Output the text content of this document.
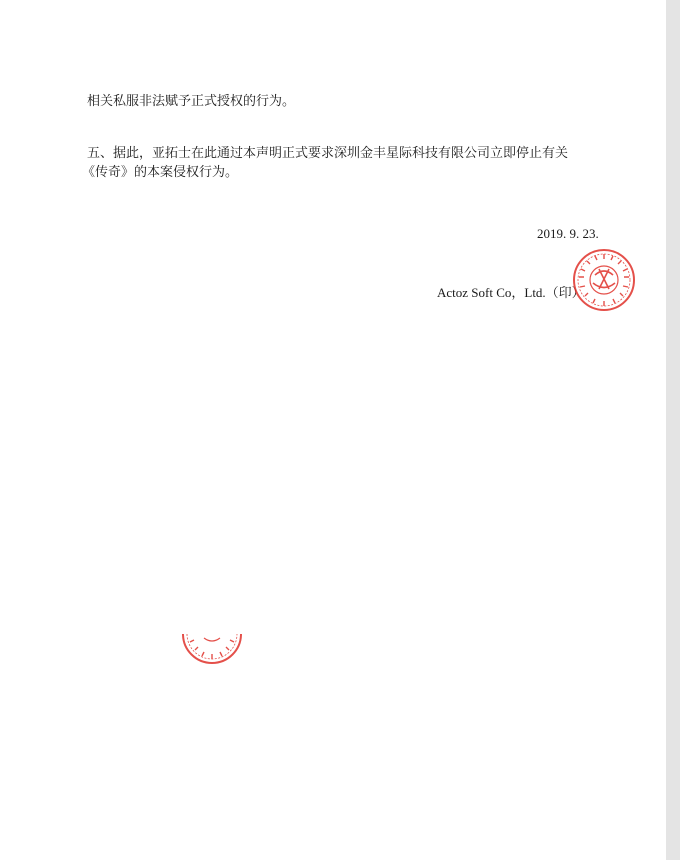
相关私服非法赋予正式授权的行为。
五、据此，亚拓士在此通过本声明正式要求深圳金丰星际科技有限公司立即停止有关
《传奇》的本案侵权行为。
2019. 9. 23.
Actoz Soft Co，Ltd.（印）
